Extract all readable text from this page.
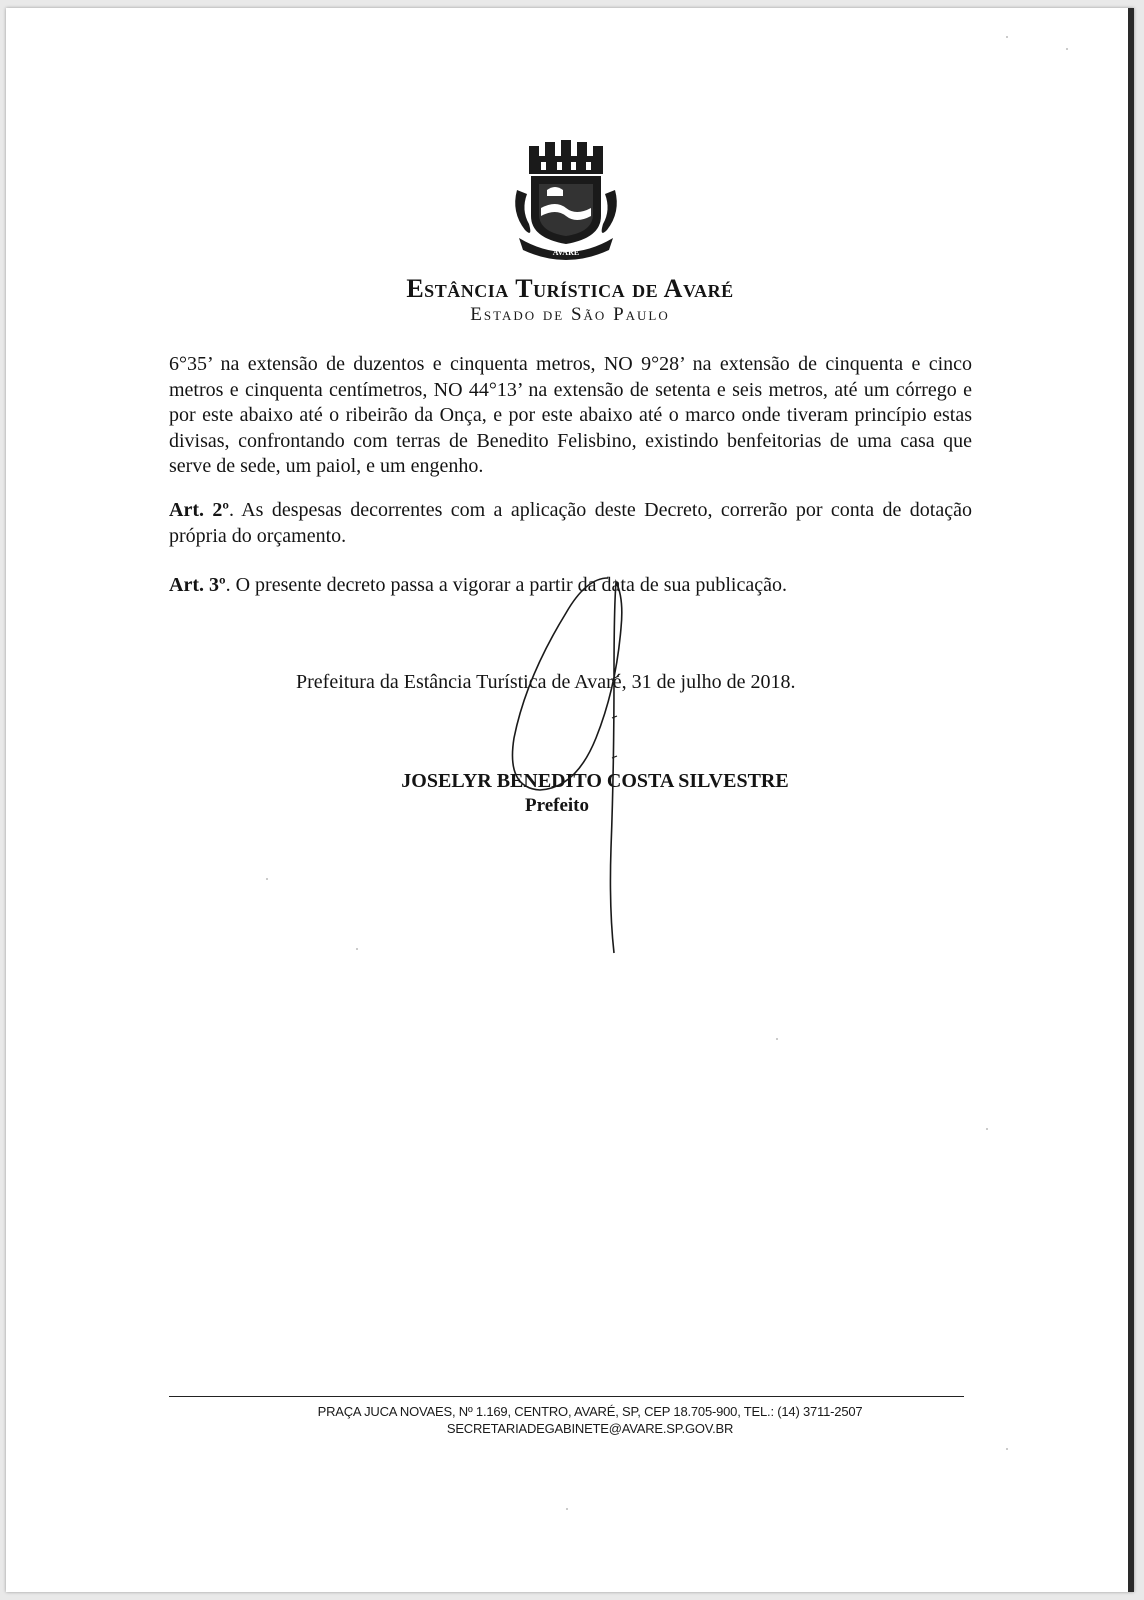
AVARÉ
Estância Turística de Avaré
Estado de São Paulo

6°35’ na extensão de duzentos e cinquenta metros, NO 9°28’ na extensão de cinquenta e cinco metros e cinquenta centímetros, NO 44°13’ na extensão de setenta e seis metros, até um córrego e por este abaixo até o ribeirão da Onça, e por este abaixo até o marco onde tiveram princípio estas divisas, confrontando com terras de Benedito Felisbino, existindo benfeitorias de uma casa que serve de sede, um paiol, e um engenho.

Art. 2º. As despesas decorrentes com a aplicação deste Decreto, correrão por conta de dotação própria do orçamento.

Art. 3º. O presente decreto passa a vigorar a partir da data de sua publicação.

Prefeitura da Estância Turística de Avaré, 31 de julho de 2018.
JOSELYR BENEDITO COSTA SILVESTRE
Prefeito
PRAÇA JUCA NOVAES, Nº 1.169, CENTRO, AVARÉ, SP, CEP 18.705-900, TEL.: (14) 3711-2507
SECRETARIADEGABINETE@AVARE.SP.GOV.BR
